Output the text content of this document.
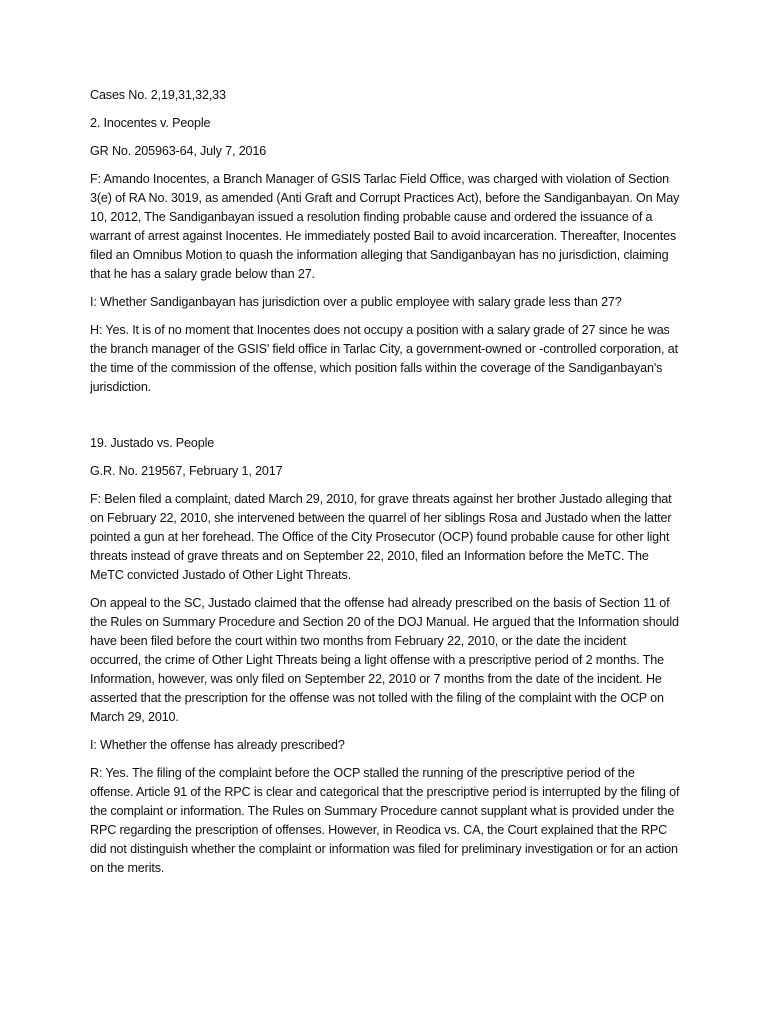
Cases No. 2,19,31,32,33

2. Inocentes v. People

GR No. 205963-64, July 7, 2016

F: Amando Inocentes, a Branch Manager of GSIS Tarlac Field Office, was charged with violation of Section 3(e) of RA No. 3019, as amended (Anti Graft and Corrupt Practices Act), before the Sandiganbayan. On May 10, 2012, The Sandiganbayan issued a resolution finding probable cause and ordered the issuance of a warrant of arrest against Inocentes. He immediately posted Bail to avoid incarceration. Thereafter, Inocentes filed an Omnibus Motion to quash the information alleging that Sandiganbayan has no jurisdiction, claiming that he has a salary grade below than 27.

I: Whether Sandiganbayan has jurisdiction over a public employee with salary grade less than 27?

H: Yes. It is of no moment that Inocentes does not occupy a position with a salary grade of 27 since he was the branch manager of the GSIS' field office in Tarlac City, a government-owned or -controlled corporation, at the time of the commission of the offense, which position falls within the coverage of the Sandiganbayan's jurisdiction.

19. Justado vs. People

G.R. No. 219567, February 1, 2017

F: Belen filed a complaint, dated March 29, 2010, for grave threats against her brother Justado alleging that on February 22, 2010, she intervened between the quarrel of her siblings Rosa and Justado when the latter pointed a gun at her forehead. The Office of the City Prosecutor (OCP) found probable cause for other light threats instead of grave threats and on September 22, 2010, filed an Information before the MeTC. The MeTC convicted Justado of Other Light Threats.

On appeal to the SC, Justado claimed that the offense had already prescribed on the basis of Section 11 of the Rules on Summary Procedure and Section 20 of the DOJ Manual. He argued that the Information should have been filed before the court within two months from February 22, 2010, or the date the incident occurred, the crime of Other Light Threats being a light offense with a prescriptive period of 2 months. The Information, however, was only filed on September 22, 2010 or 7 months from the date of the incident. He asserted that the prescription for the offense was not tolled with the filing of the complaint with the OCP on March 29, 2010.

I: Whether the offense has already prescribed?

R: Yes. The filing of the complaint before the OCP stalled the running of the prescriptive period of the offense. Article 91 of the RPC is clear and categorical that the prescriptive period is interrupted by the filing of the complaint or information. The Rules on Summary Procedure cannot supplant what is provided under the RPC regarding the prescription of offenses. However, in Reodica vs. CA, the Court explained that the RPC did not distinguish whether the complaint or information was filed for preliminary investigation or for an action on the merits.
